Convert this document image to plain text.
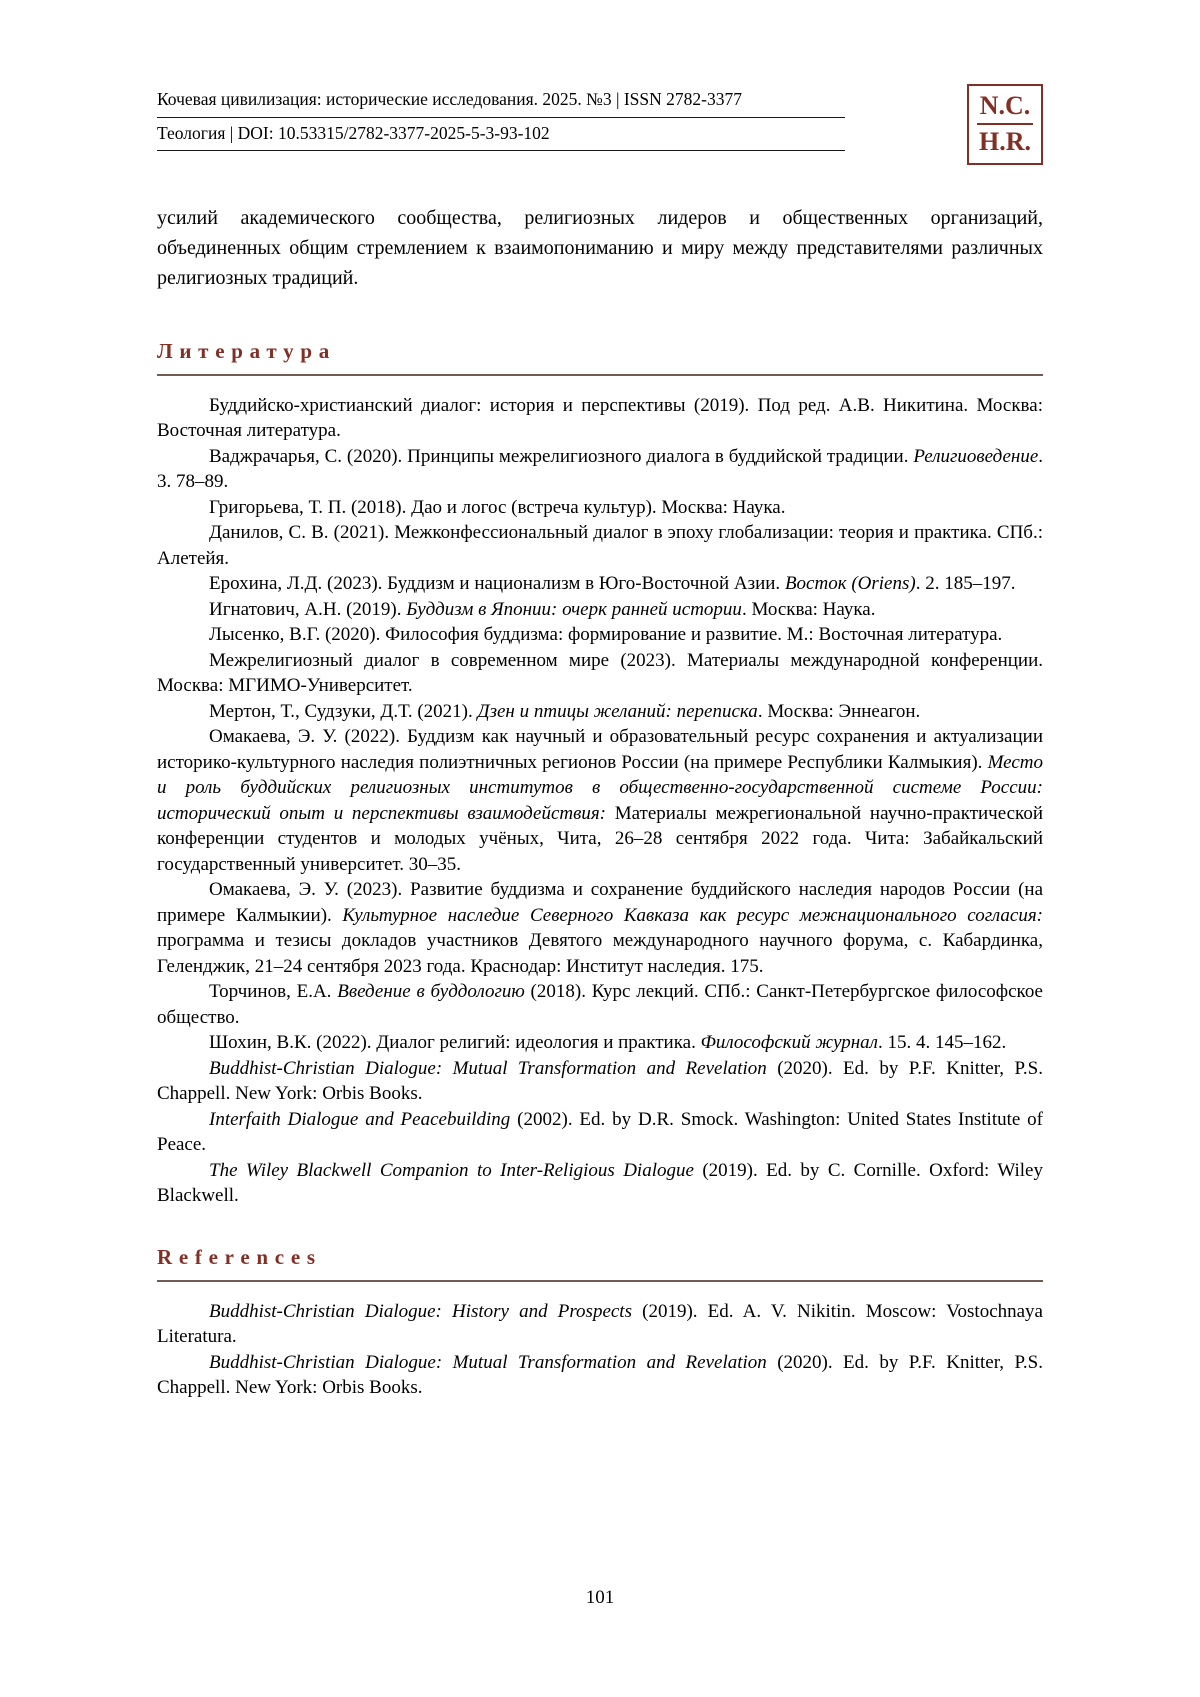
Кочевая цивилизация: исторические исследования. 2025. №3 | ISSN 2782-3377
Теология | DOI: 10.53315/2782-3377-2025-5-3-93-102
N.C.
H.R.

усилий академического сообщества, религиозных лидеров и общественных организаций, объединенных общим стремлением к взаимопониманию и миру между представителями различных религиозных традиций.

Литература

Буддийско-христианский диалог: история и перспективы (2019). Под ред. А.В. Никитина. Москва: Восточная литература.

Ваджрачарья, С. (2020). Принципы межрелигиозного диалога в буддийской традиции. Религиоведение. 3. 78–89.

Григорьева, Т. П. (2018). Дао и логос (встреча культур). Москва: Наука.

Данилов, С. В. (2021). Межконфессиональный диалог в эпоху глобализации: теория и практика. СПб.: Алетейя.

Ерохина, Л.Д. (2023). Буддизм и национализм в Юго-Восточной Азии. Восток (Oriens). 2. 185–197.

Игнатович, А.Н. (2019). Буддизм в Японии: очерк ранней истории. Москва: Наука.

Лысенко, В.Г. (2020). Философия буддизма: формирование и развитие. М.: Восточная литература.

Межрелигиозный диалог в современном мире (2023). Материалы международной конференции. Москва: МГИМО-Университет.

Мертон, Т., Судзуки, Д.Т. (2021). Дзен и птицы желаний: переписка. Москва: Эннеагон.

Омакаева, Э. У. (2022). Буддизм как научный и образовательный ресурс сохранения и актуализации историко-культурного наследия полиэтничных регионов России (на примере Республики Калмыкия). Место и роль буддийских религиозных институтов в общественно-государственной системе России: исторический опыт и перспективы взаимодействия: Материалы межрегиональной научно-практической конференции студентов и молодых учёных, Чита, 26–28 сентября 2022 года. Чита: Забайкальский государственный университет. 30–35.

Омакаева, Э. У. (2023). Развитие буддизма и сохранение буддийского наследия народов России (на примере Калмыкии). Культурное наследие Северного Кавказа как ресурс межнационального согласия: программа и тезисы докладов участников Девятого международного научного форума, с. Кабардинка, Геленджик, 21–24 сентября 2023 года. Краснодар: Институт наследия. 175.

Торчинов, Е.А. Введение в буддологию (2018). Курс лекций. СПб.: Санкт-Петербургское философское общество.

Шохин, В.К. (2022). Диалог религий: идеология и практика. Философский журнал. 15. 4. 145–162.

Buddhist-Christian Dialogue: Mutual Transformation and Revelation (2020). Ed. by P.F. Knitter, P.S. Chappell. New York: Orbis Books.

Interfaith Dialogue and Peacebuilding (2002). Ed. by D.R. Smock. Washington: United States Institute of Peace.

The Wiley Blackwell Companion to Inter-Religious Dialogue (2019). Ed. by C. Cornille. Oxford: Wiley Blackwell.

References

Buddhist-Christian Dialogue: History and Prospects (2019). Ed. A. V. Nikitin. Moscow: Vostochnaya Literatura.

Buddhist-Christian Dialogue: Mutual Transformation and Revelation (2020). Ed. by P.F. Knitter, P.S. Chappell. New York: Orbis Books.

101
